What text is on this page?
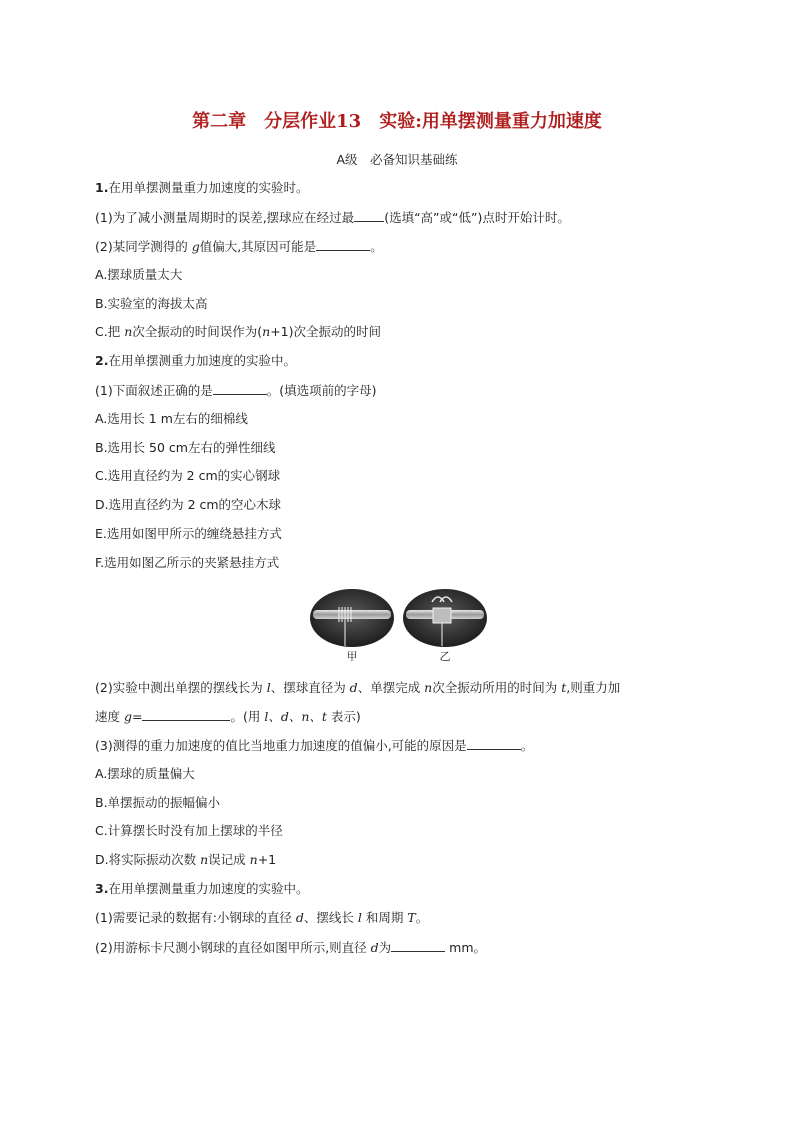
第二章　分层作业13　实验:用单摆测量重力加速度
A级　必备知识基础练
1.在用单摆测量重力加速度的实验时。
(1)为了减小测量周期时的误差,摆球应在经过最 (选填“高”或“低”)点时开始计时。
(2)某同学测得的 g值偏大,其原因可能是	。
A.摆球质量太大
B.实验室的海拔太高
C.把 n次全振动的时间误作为(n+1)次全振动的时间
2.在用单摆测重力加速度的实验中。
(1)下面叙述正确的是	。(填选项前的字母)
A.选用长 1 m左右的细棉线
B.选用长 50 cm左右的弹性细线
C.选用直径约为 2 cm的实心钢球
D.选用直径约为 2 cm的空心木球
E.选用如图甲所示的缠绕悬挂方式
F.选用如图乙所示的夹紧悬挂方式
甲	乙
(2)实验中测出单摆的摆线长为 l、摆球直径为 d、单摆完成 n次全振动所用的时间为 t,则重力加
速度 g=	。(用 l、d、n、t 表示)
(3)测得的重力加速度的值比当地重力加速度的值偏小,可能的原因是	。
A.摆球的质量偏大
B.单摆振动的振幅偏小
C.计算摆长时没有加上摆球的半径
D.将实际振动次数 n误记成 n+1
3.在用单摆测量重力加速度的实验中。
(1)需要记录的数据有:小钢球的直径 d、摆线长 l 和周期 T。
(2)用游标卡尺测小钢球的直径如图甲所示,则直径 d为	mm。
